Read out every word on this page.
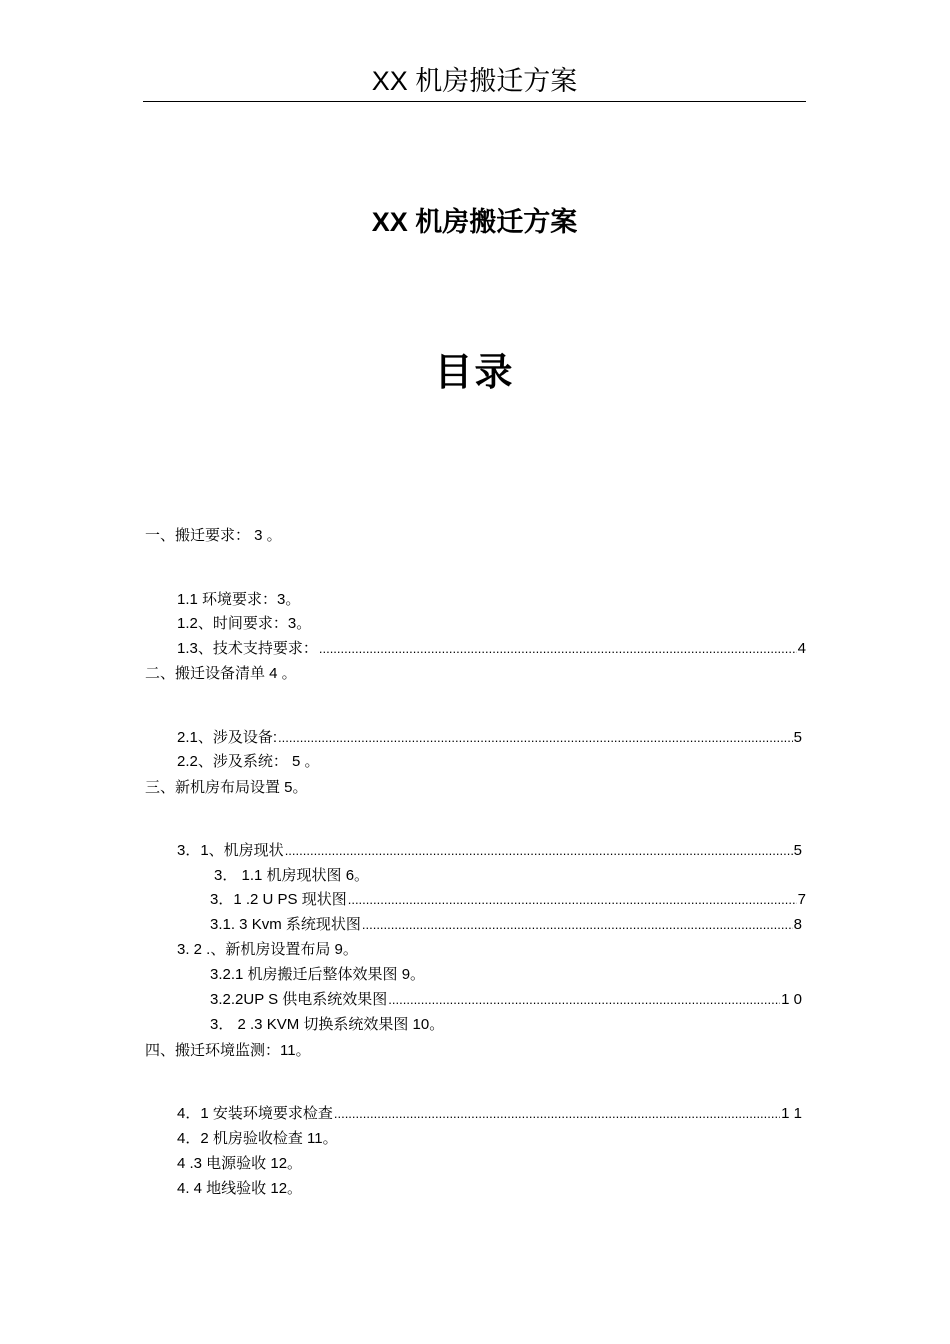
XX 机房搬迁方案
XX 机房搬迁方案
目录
一、搬迁要求： 3 ｡
1.1 环境要求：3｡
1.2、时间要求：3｡
1.3、技术支持要求： .....	4
二、搬迁设备清单 4 ｡
2.1、涉及设备: .....	5
2.2、涉及系统： 5 ｡
三、新机房布局设置 5｡
3．1、机房现状 .....	5
3． 1.1 机房现状图 6｡
3．1 .2 U PS 现状图 .....	7
3.1. 3 Kvm 系统现状图 .....	8
3. 2 .、新机房设置布局 9｡
3.2.1 机房搬迁后整体效果图 9｡
3.2.2UP S 供电系统效果图 .....	1 0
3． 2 .3 KVM 切换系统效果图 10｡
四、搬迁环境监测：11｡
4．1 安装环境要求检查 .....	1 1
4．2 机房验收检查 11｡
4 .3 电源验收 12｡
4. 4 地线验收 12｡
